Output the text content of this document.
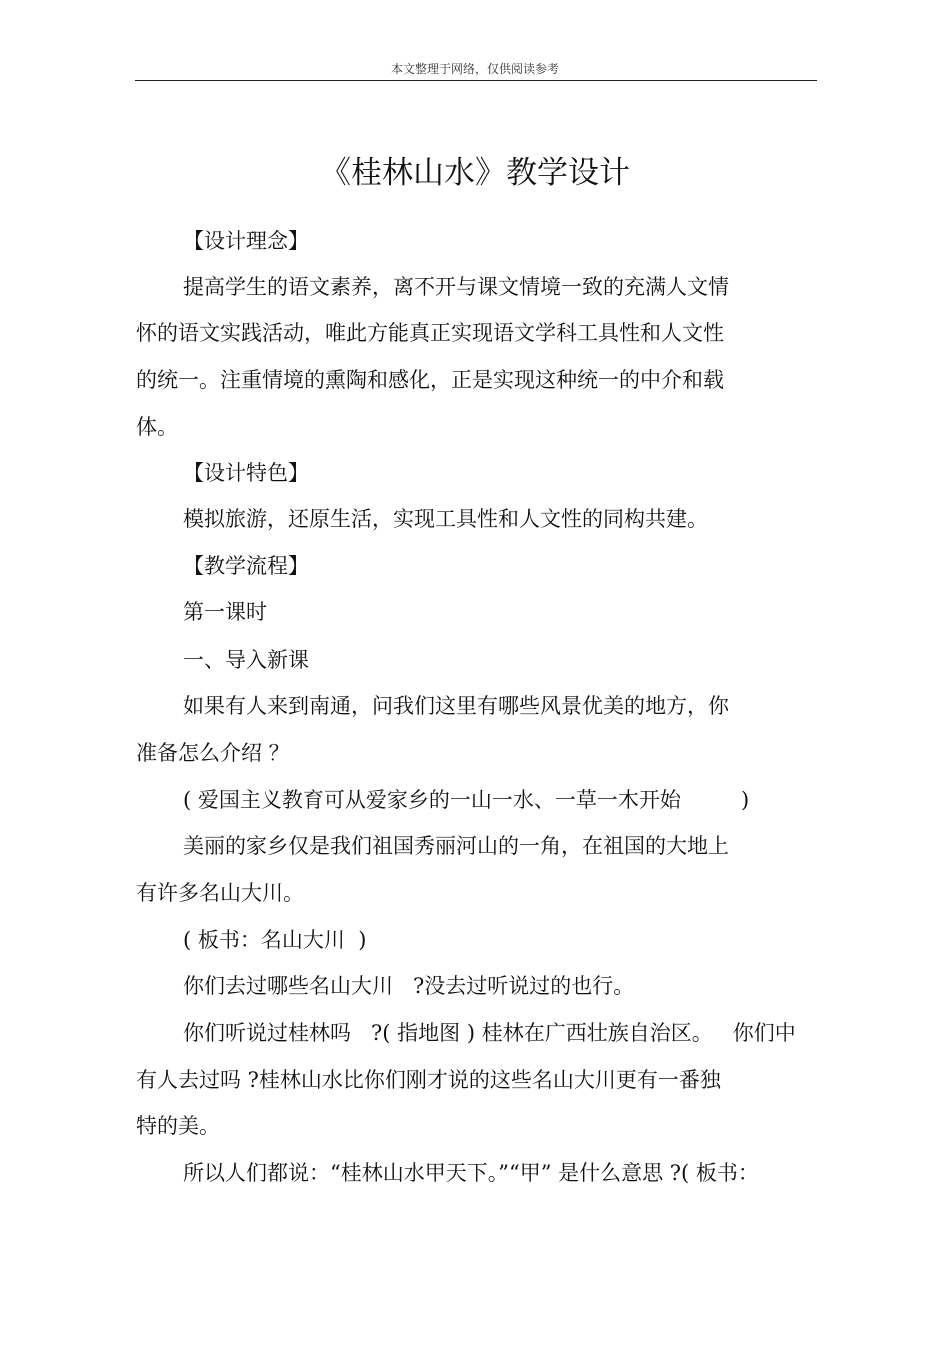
本文整理于网络，仅供阅读参考
《桂林山水》教学设计
【设计理念】
提高学生的语文素养，离不开与课文情境一致的充满人文情
怀的语文实践活动，唯此方能真正实现语文学科工具性和人文性
的统一。注重情境的熏陶和感化，正是实现这种统一的中介和载
体。
【设计特色】
模拟旅游，还原生活，实现工具性和人文性的同构共建。
【教学流程】
第一课时
一、导入新课
如果有人来到南通，问我们这里有哪些风景优美的地方，你
准备怎么介绍 ？
( 爱国主义教育可从爱家乡的一山一水、一草一木开始         )
美丽的家乡仅是我们祖国秀丽河山的一角，在祖国的大地上
有许多名山大川。
( 板书：名山大川  )
你们去过哪些名山大川   ?没去过听说过的也行。
你们听说过桂林吗   ?( 指地图 ) 桂林在广西壮族自治区。   你们中
有人去过吗 ?桂林山水比你们刚才说的这些名山大川更有一番独
特的美。
所以人们都说：“桂林山水甲天下。”“甲” 是什么意思 ?( 板书：
